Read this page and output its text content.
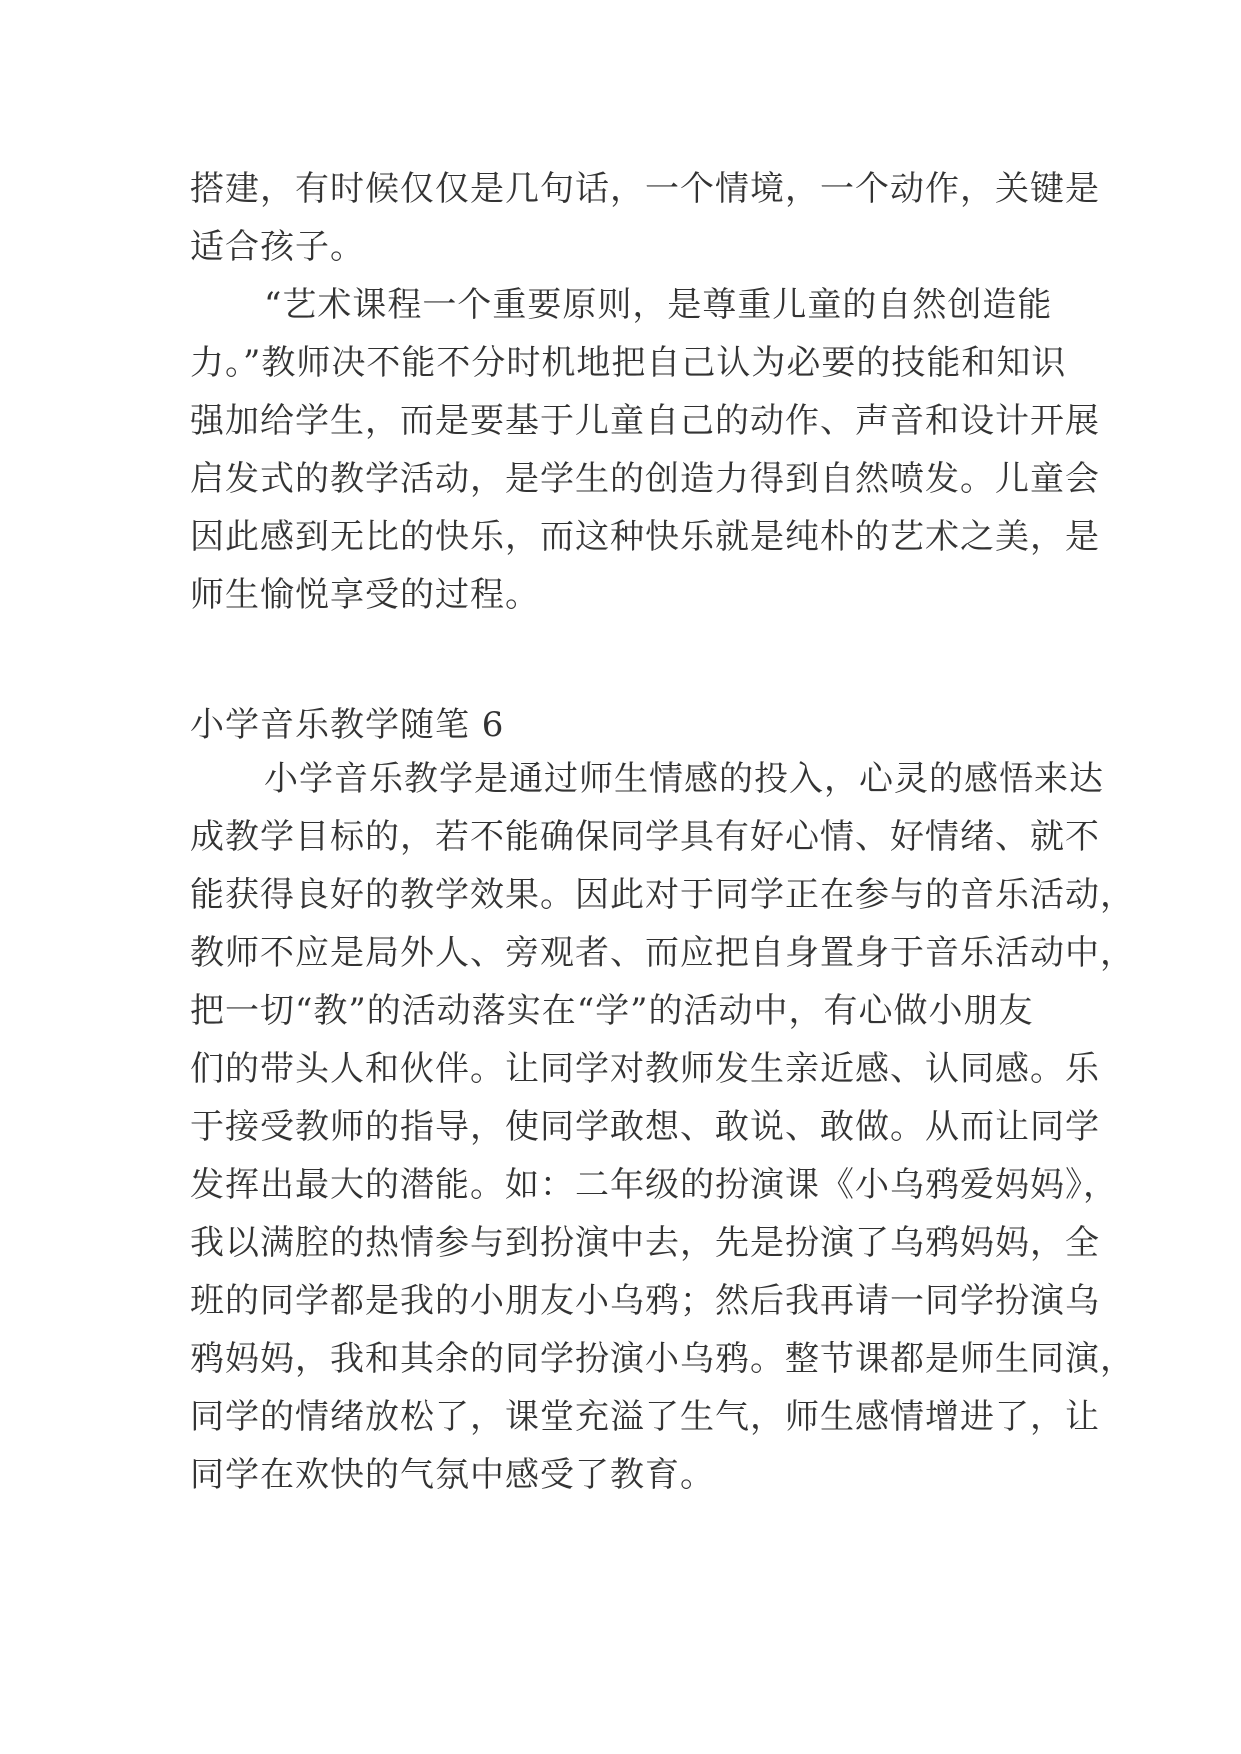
搭建，有时候仅仅是几句话，一个情境，一个动作，关键是
适合孩子。
“艺术课程一个重要原则，是尊重儿童的自然创造能
力。”教师决不能不分时机地把自己认为必要的技能和知识
强加给学生，而是要基于儿童自己的动作、声音和设计开展
启发式的教学活动，是学生的创造力得到自然喷发。儿童会
因此感到无比的快乐，而这种快乐就是纯朴的艺术之美，是
师生愉悦享受的过程。
小学音乐教学随笔 6
小学音乐教学是通过师生情感的投入，心灵的感悟来达
成教学目标的，若不能确保同学具有好心情、好情绪、就不
能获得良好的教学效果。因此对于同学正在参与的音乐活动，
教师不应是局外人、旁观者、而应把自身置身于音乐活动中，
把一切“教”的活动落实在“学”的活动中，有心做小朋友
们的带头人和伙伴。让同学对教师发生亲近感、认同感。乐
于接受教师的指导，使同学敢想、敢说、敢做。从而让同学
发挥出最大的潜能。如：二年级的扮演课《小乌鸦爱妈妈》，
我以满腔的热情参与到扮演中去，先是扮演了乌鸦妈妈，全
班的同学都是我的小朋友小乌鸦；然后我再请一同学扮演乌
鸦妈妈，我和其余的同学扮演小乌鸦。整节课都是师生同演，
同学的情绪放松了，课堂充溢了生气，师生感情增进了，让
同学在欢快的气氛中感受了教育。
